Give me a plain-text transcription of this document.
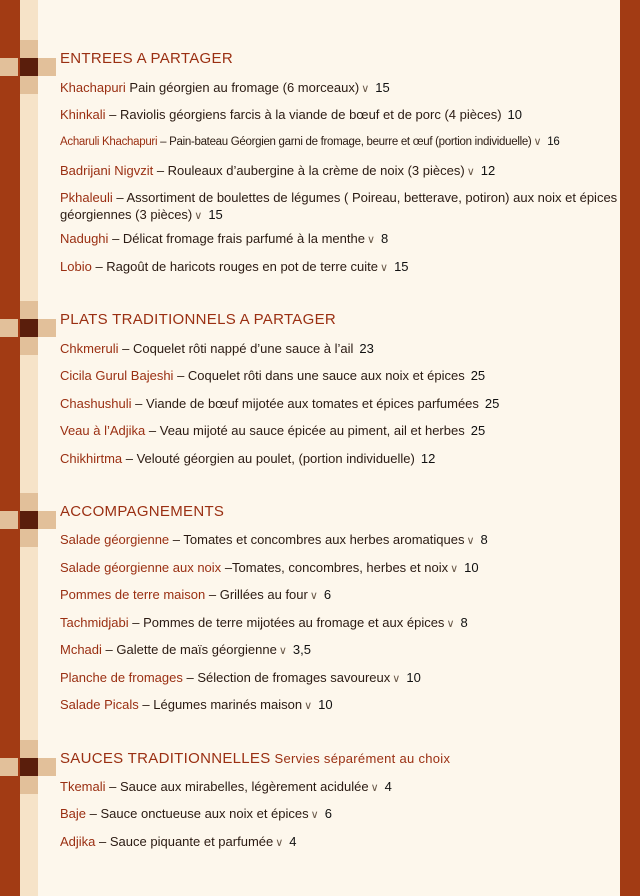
ENTREES A PARTAGER
Khachapuri Pain géorgien au fromage (6 morceaux) ∨ 15
Khinkali – Raviolis géorgiens farcis à la viande de bœuf et de porc (4 pièces) 10
Acharuli Khachapuri – Pain-bateau Géorgien garni de fromage, beurre et œuf (portion individuelle) ∨ 16
Badrijani Nigvzit – Rouleaux d’aubergine à la crème de noix (3 pièces) ∨ 12
Pkhaleuli – Assortiment de boulettes de légumes ( Poireau, betterave, potiron) aux noix et épices géorgiennes (3 pièces) ∨ 15
Nadughi – Délicat fromage frais parfumé à la menthe ∨ 8
Lobio – Ragoût de haricots rouges en pot de terre cuite ∨ 15
PLATS TRADITIONNELS A PARTAGER
Chkmeruli – Coquelet rôti nappé d’une sauce à l’ail 23
Cicila Gurul Bajeshi – Coquelet rôti dans une sauce aux noix et épices 25
Chashushuli – Viande de bœuf mijotée aux tomates et épices parfumées 25
Veau à l’Adjika – Veau mijoté au sauce épicée au piment, ail et herbes 25
Chikhirtma – Velouté géorgien au poulet, (portion individuelle) 12
ACCOMPAGNEMENTS
Salade géorgienne – Tomates et concombres aux herbes aromatiques ∨ 8
Salade géorgienne aux noix –Tomates, concombres, herbes et noix ∨ 10
Pommes de terre maison – Grillées au four ∨ 6
Tachmidjabi – Pommes de terre mijotées au fromage et aux épices ∨ 8
Mchadi – Galette de maïs géorgienne ∨ 3,5
Planche de fromages – Sélection de fromages savoureux ∨ 10
Salade Picals – Légumes marinés maison ∨ 10
SAUCES TRADITIONNELLES Servies séparément au choix
Tkemali – Sauce aux mirabelles, légèrement acidulée ∨ 4
Baje – Sauce onctueuse aux noix et épices ∨ 6
Adjika – Sauce piquante et parfumée ∨ 4
